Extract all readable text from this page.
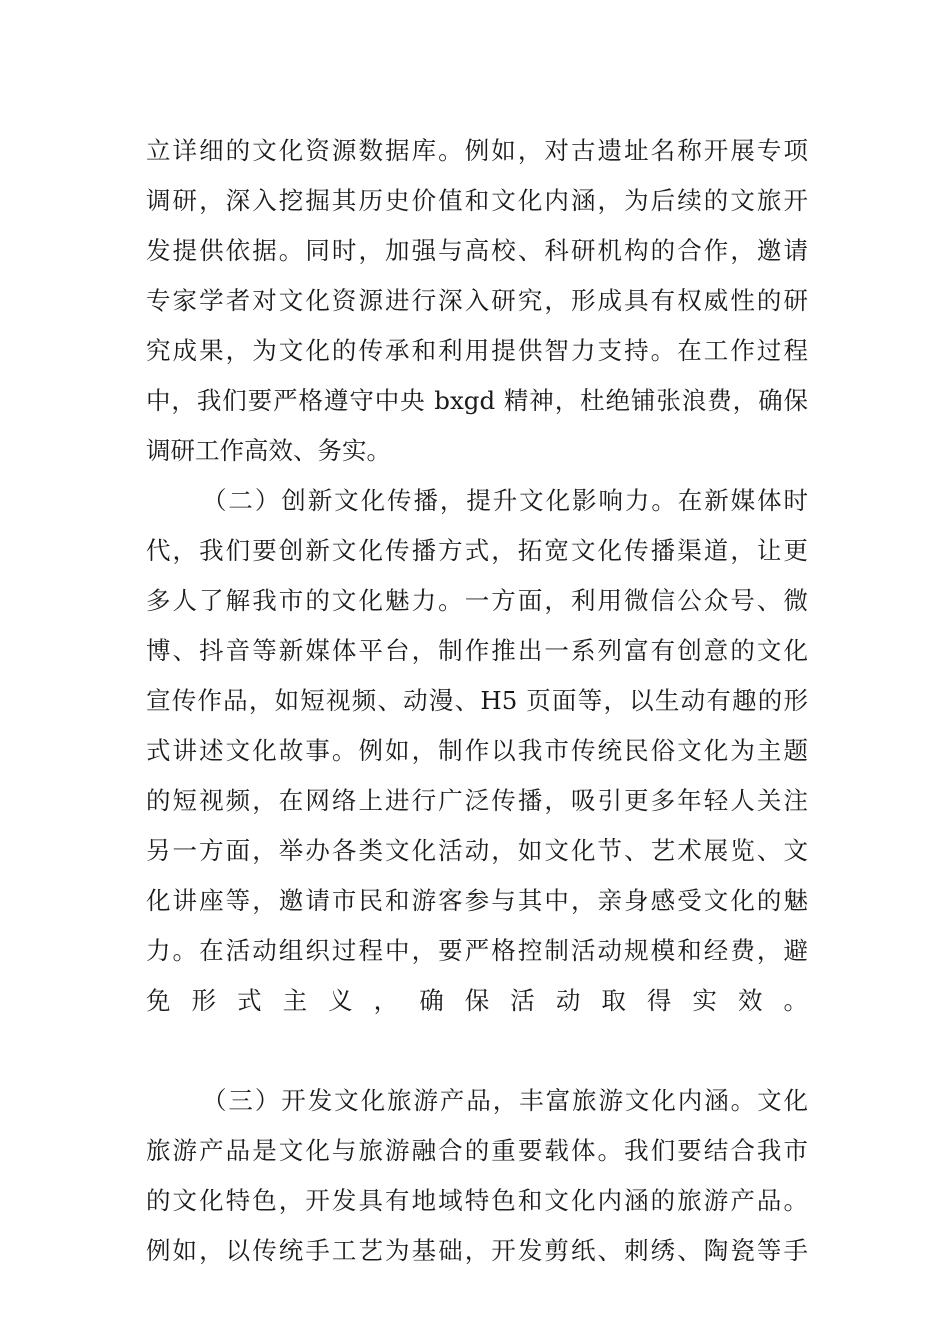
立详细的文化资源数据库。例如，对古遗址名称开展专项
调研，深入挖掘其历史价值和文化内涵，为后续的文旅开
发提供依据。同时，加强与高校、科研机构的合作，邀请
专家学者对文化资源进行深入研究，形成具有权威性的研
究成果，为文化的传承和利用提供智力支持。在工作过程
中，我们要严格遵守中央 bxgd 精神，杜绝铺张浪费，确保
调研工作高效、务实。
（二）创新文化传播，提升文化影响力。在新媒体时
代，我们要创新文化传播方式，拓宽文化传播渠道，让更
多人了解我市的文化魅力。一方面，利用微信公众号、微
博、抖音等新媒体平台，制作推出一系列富有创意的文化
宣传作品，如短视频、动漫、H5 页面等，以生动有趣的形
式讲述文化故事。例如，制作以我市传统民俗文化为主题
的短视频，在网络上进行广泛传播，吸引更多年轻人关注
另一方面，举办各类文化活动，如文化节、艺术展览、文
化讲座等，邀请市民和游客参与其中，亲身感受文化的魅
力。在活动组织过程中，要严格控制活动规模和经费，避
免形式主义，确保活动取得实效。
（三）开发文化旅游产品，丰富旅游文化内涵。文化
旅游产品是文化与旅游融合的重要载体。我们要结合我市
的文化特色，开发具有地域特色和文化内涵的旅游产品。
例如，以传统手工艺为基础，开发剪纸、刺绣、陶瓷等手
